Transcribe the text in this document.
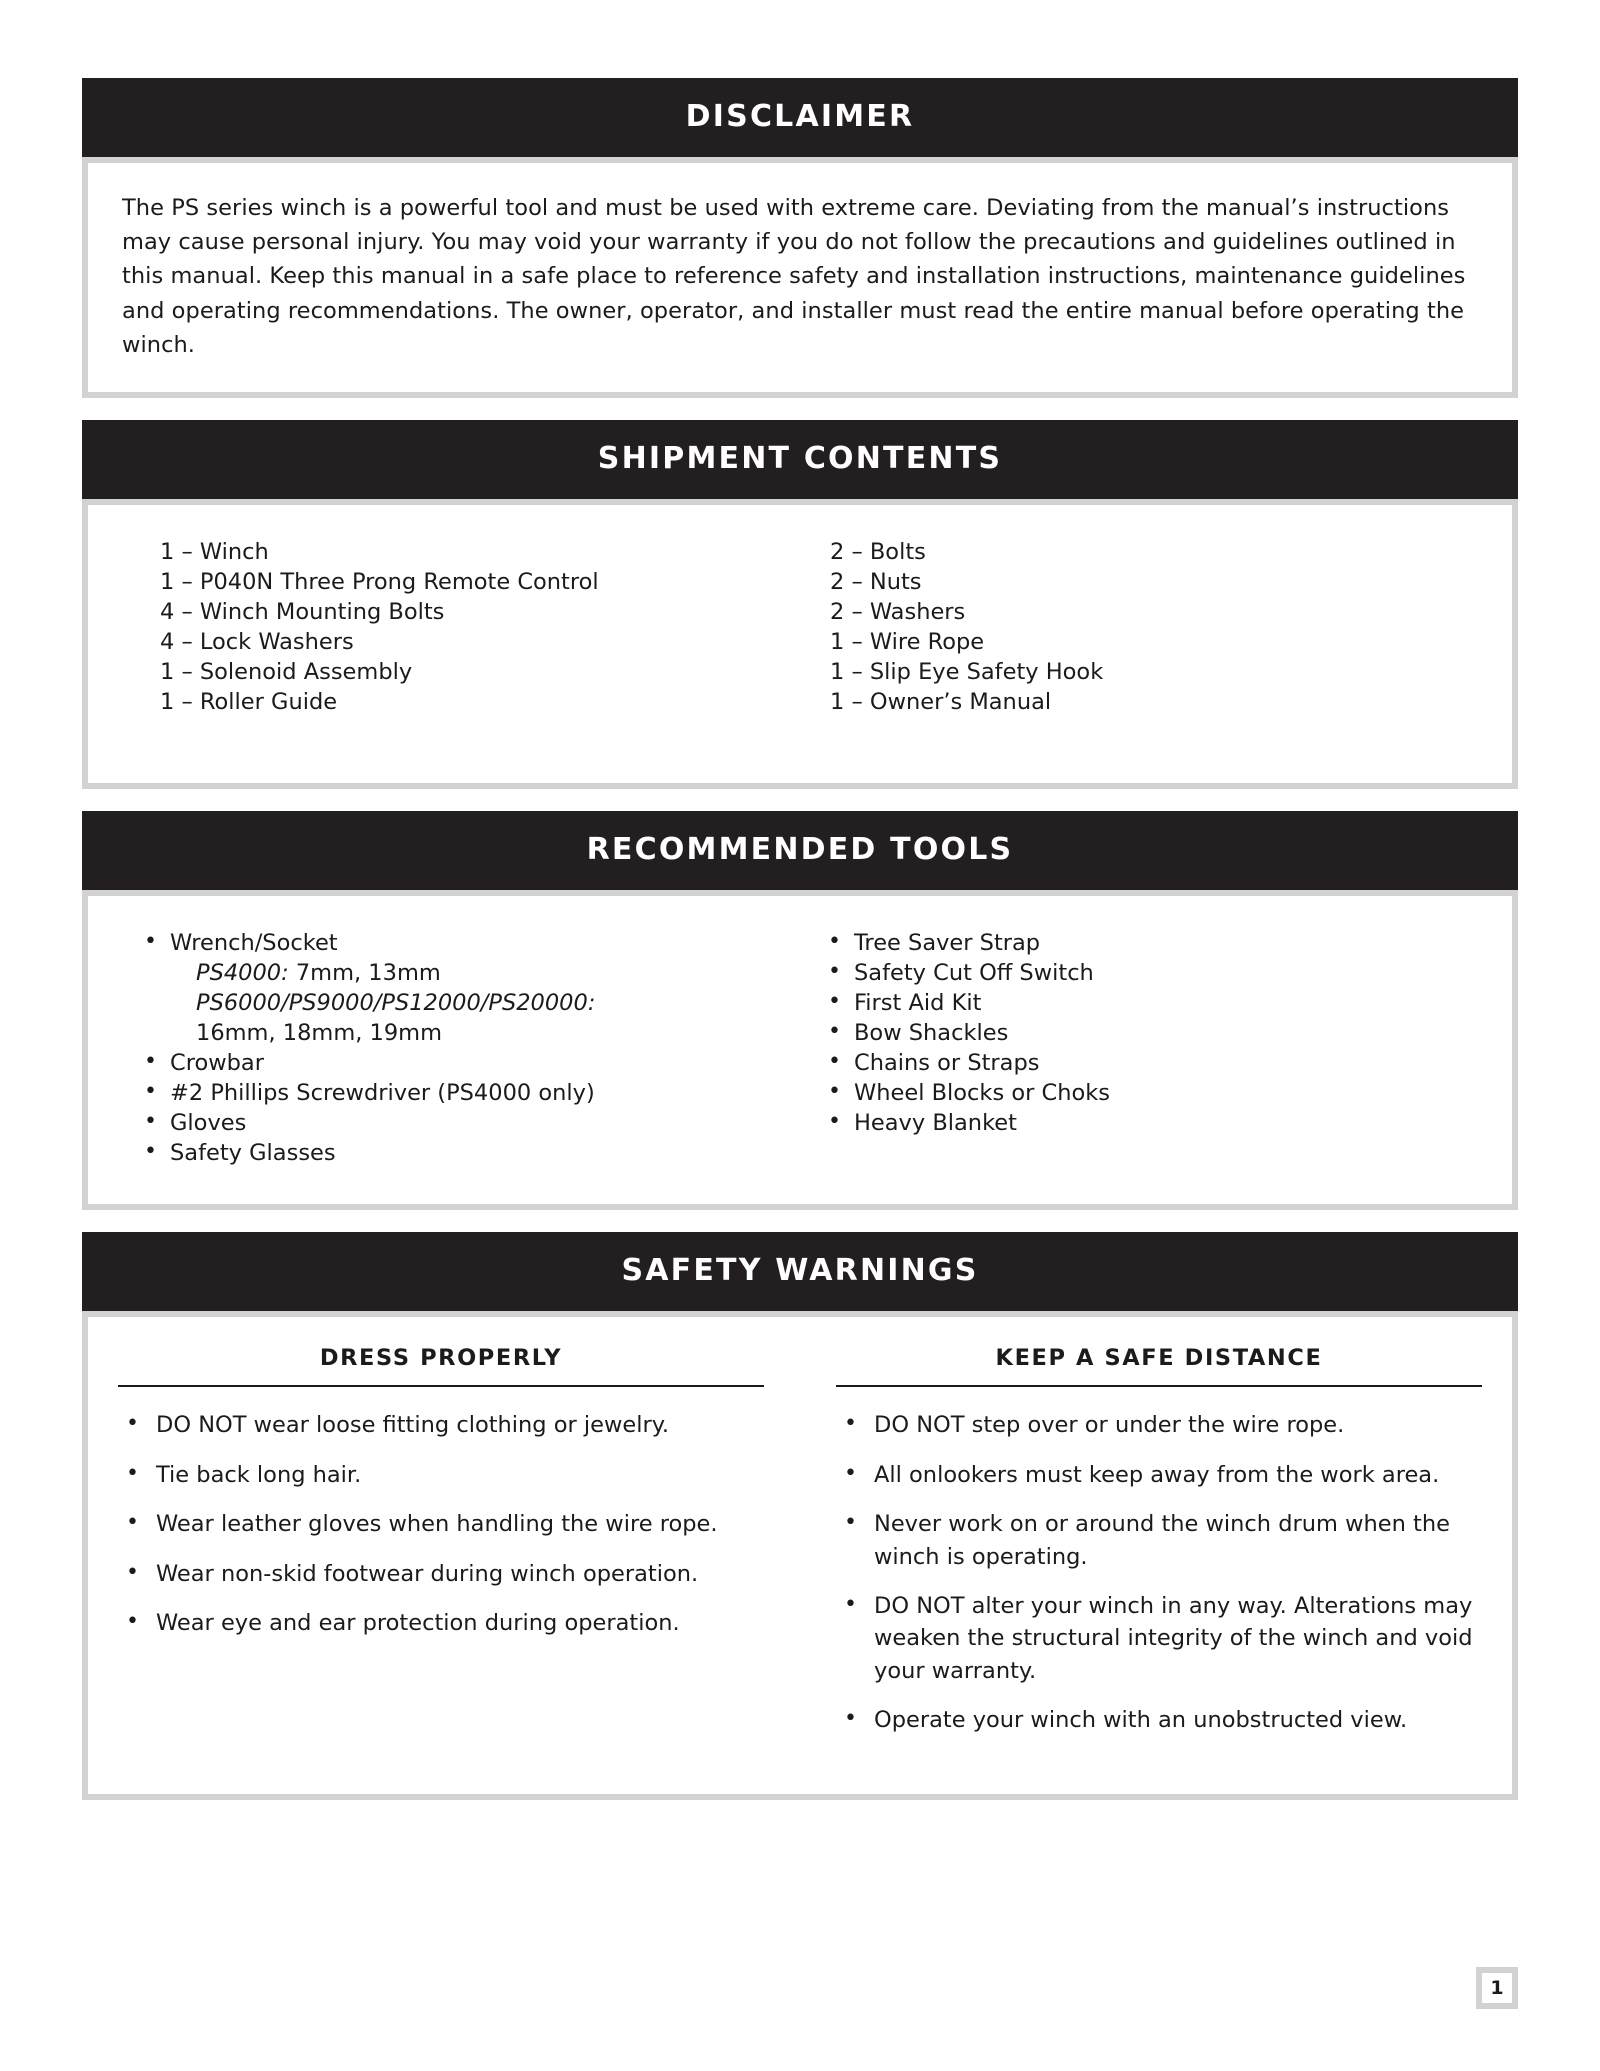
DISCLAIMER

The PS series winch is a powerful tool and must be used with extreme care. Deviating from the manual’s instructions may cause personal injury. You may void your warranty if you do not follow the precautions and guidelines outlined in this manual. Keep this manual in a safe place to reference safety and installation instructions, maintenance guidelines and operating recommendations. The owner, operator, and installer must read the entire manual before operating the winch.

SHIPMENT CONTENTS
1 – Winch
1 – P040N Three Prong Remote Control
4 – Winch Mounting Bolts
4 – Lock Washers
1 – Solenoid Assembly
1 – Roller Guide
2 – Bolts
2 – Nuts
2 – Washers
1 – Wire Rope
1 – Slip Eye Safety Hook
1 – Owner’s Manual
RECOMMENDED TOOLS
• Wrench/Socket
PS4000: 7mm, 13mm
PS6000/PS9000/PS12000/PS20000:
16mm, 18mm, 19mm
• Crowbar
• #2 Phillips Screwdriver (PS4000 only)
• Gloves
• Safety Glasses
• Tree Saver Strap
• Safety Cut Off Switch
• First Aid Kit
• Bow Shackles
• Chains or Straps
• Wheel Blocks or Choks
• Heavy Blanket
SAFETY WARNINGS
DRESS PROPERLY
• DO NOT wear loose fitting clothing or jewelry.
• Tie back long hair.
• Wear leather gloves when handling the wire rope.
• Wear non-skid footwear during winch operation.
• Wear eye and ear protection during operation.
KEEP A SAFE DISTANCE
• DO NOT step over or under the wire rope.
• All onlookers must keep away from the work area.
• Never work on or around the winch drum when the winch is operating.
• DO NOT alter your winch in any way. Alterations may weaken the structural integrity of the winch and void your warranty.
• Operate your winch with an unobstructed view.
1
